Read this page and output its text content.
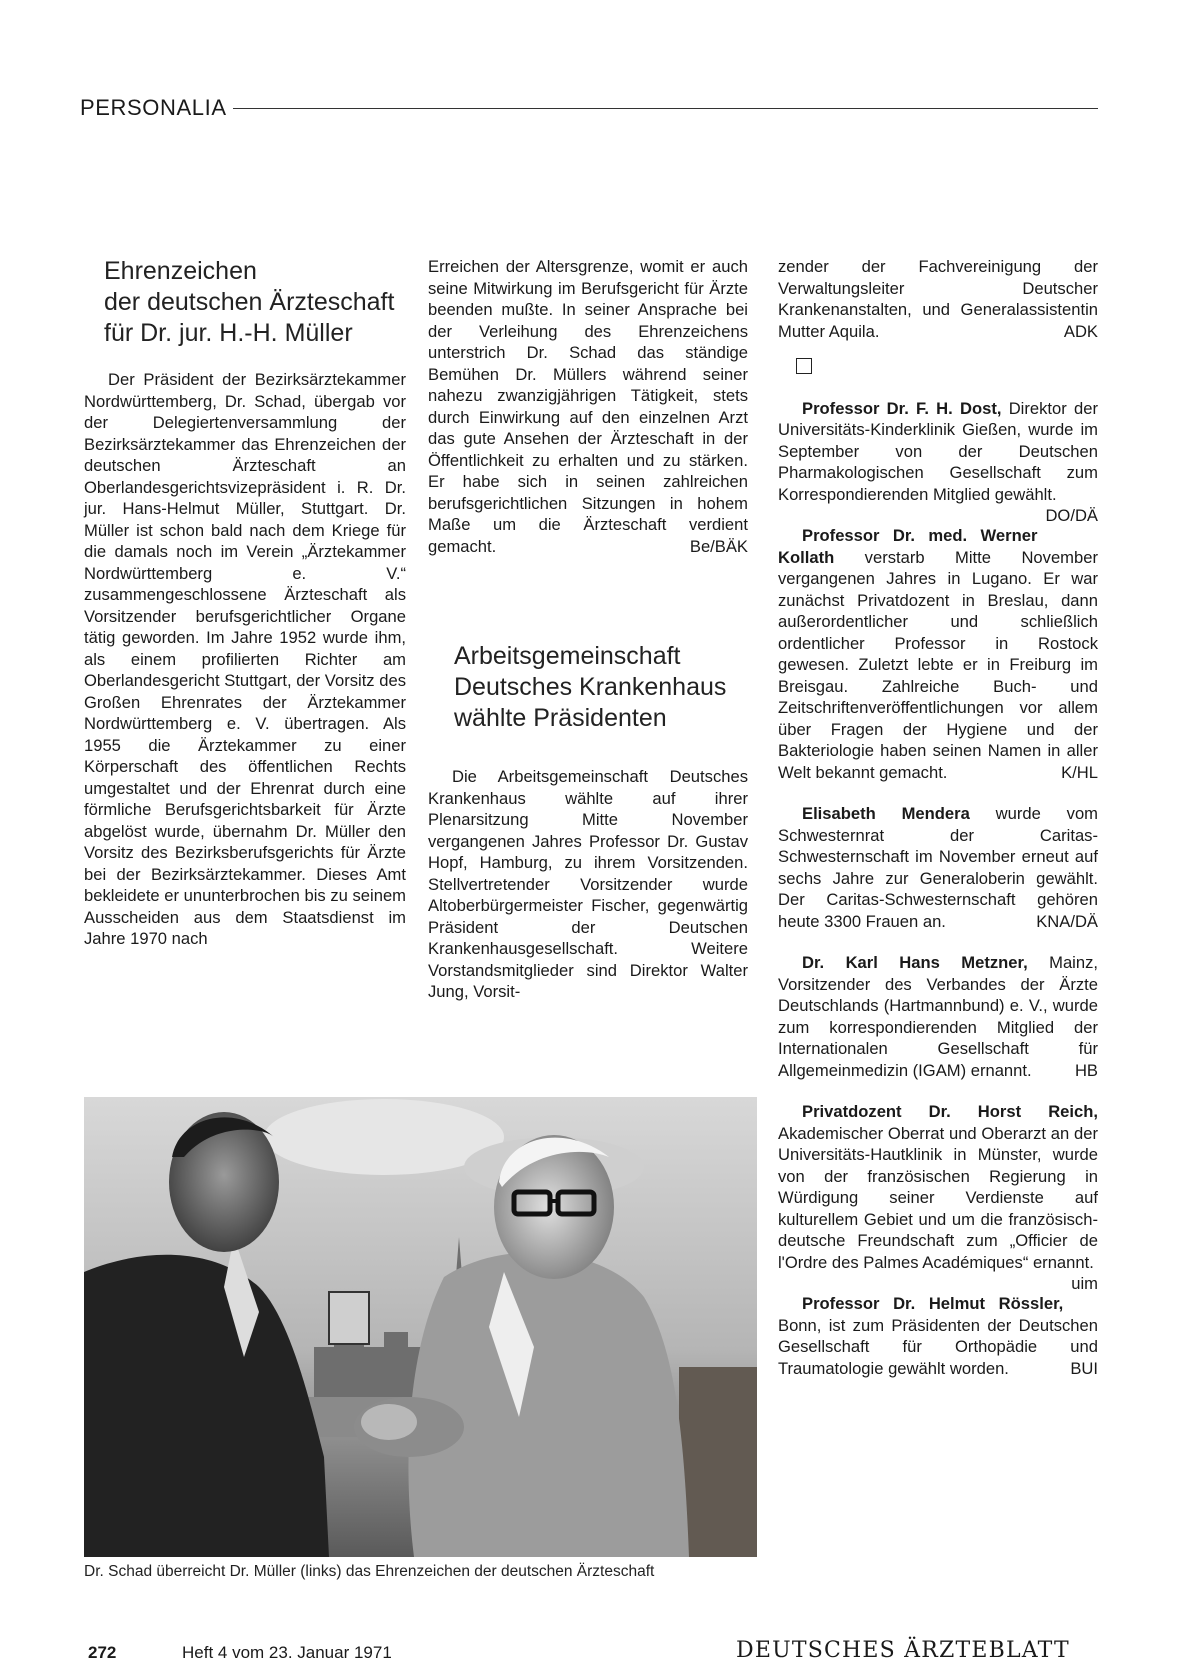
PERSONALIA
Ehrenzeichen
der deutschen Ärzteschaft
für Dr. jur. H.-H. Müller

Der Präsident der Bezirksärztekammer Nordwürttemberg, Dr. Schad, übergab vor der Delegiertenversammlung der Bezirksärztekammer das Ehrenzeichen der deutschen Ärzteschaft an Oberlandesgerichtsvizepräsident i. R. Dr. jur. Hans-Helmut Müller, Stuttgart. Dr. Müller ist schon bald nach dem Kriege für die damals noch im Verein „Ärztekammer Nordwürttemberg e. V.“ zusammengeschlossene Ärzteschaft als Vorsitzender berufsgerichtlicher Organe tätig geworden. Im Jahre 1952 wurde ihm, als einem profilierten Richter am Oberlandesgericht Stuttgart, der Vorsitz des Großen Ehrenrates der Ärztekammer Nordwürttemberg e. V. übertragen. Als 1955 die Ärztekammer zu einer Körperschaft des öffentlichen Rechts umgestaltet und der Ehrenrat durch eine förmliche Berufsgerichtsbarkeit für Ärzte abgelöst wurde, übernahm Dr. Müller den Vorsitz des Bezirksberufsgerichts für Ärzte bei der Bezirksärztekammer. Dieses Amt bekleidete er ununterbrochen bis zu seinem Ausscheiden aus dem Staatsdienst im Jahre 1970 nach

Erreichen der Altersgrenze, womit er auch seine Mitwirkung im Berufsgericht für Ärzte beenden mußte. In seiner Ansprache bei der Verleihung des Ehrenzeichens unterstrich Dr. Schad das ständige Bemühen Dr. Müllers während seiner nahezu zwanzigjährigen Tätigkeit, stets durch Einwirkung auf den einzelnen Arzt das gute Ansehen der Ärzteschaft in der Öffentlichkeit zu erhalten und zu stärken. Er habe sich in seinen zahlreichen berufsgerichtlichen Sitzungen in hohem Maße um die Ärzteschaft verdient gemacht.	Be/BÄK

Arbeitsgemeinschaft
Deutsches Krankenhaus
wählte Präsidenten

Die Arbeitsgemeinschaft Deutsches Krankenhaus wählte auf ihrer Plenarsitzung Mitte November vergangenen Jahres Professor Dr. Gustav Hopf, Hamburg, zu ihrem Vorsitzenden. Stellvertretender Vorsitzender wurde Altoberbürgermeister Fischer, gegenwärtig Präsident der Deutschen Krankenhausgesellschaft. Weitere Vorstandsmitglieder sind Direktor Walter Jung, Vorsit-

zender der Fachvereinigung der Verwaltungsleiter Deutscher Krankenanstalten, und Generalassistentin Mutter Aquila.	ADK

Professor Dr. F. H. Dost, Direktor der Universitäts-Kinderklinik Gießen, wurde im September von der Deutschen Pharmakologischen Gesellschaft zum Korrespondierenden Mitglied gewählt.
DO/DÄ

Professor Dr. med. Werner Kollath verstarb Mitte November vergangenen Jahres in Lugano. Er war zunächst Privatdozent in Breslau, dann außerordentlicher und schließlich ordentlicher Professor in Rostock gewesen. Zuletzt lebte er in Freiburg im Breisgau. Zahlreiche Buch- und Zeitschriftenveröffentlichungen vor allem über Fragen der Hygiene und der Bakteriologie haben seinen Namen in aller Welt bekannt gemacht.	K/HL

Elisabeth Mendera wurde vom Schwesternrat der Caritas-Schwesternschaft im November erneut auf sechs Jahre zur Generaloberin gewählt. Der Caritas-Schwesternschaft gehören heute 3300 Frauen an.	KNA/DÄ

Dr. Karl Hans Metzner, Mainz, Vorsitzender des Verbandes der Ärzte Deutschlands (Hartmannbund) e. V., wurde zum korrespondierenden Mitglied der Internationalen Gesellschaft für Allgemeinmedizin (IGAM) ernannt.	HB

Privatdozent Dr. Horst Reich, Akademischer Oberrat und Oberarzt an der Universitäts-Hautklinik in Münster, wurde von der französischen Regierung in Würdigung seiner Verdienste auf kulturellem Gebiet und um die französisch-deutsche Freundschaft zum „Officier de l'Ordre des Palmes Académiques“ ernannt.
uim

Professor Dr. Helmut Rössler, Bonn, ist zum Präsidenten der Deutschen Gesellschaft für Orthopädie und Traumatologie gewählt worden.	BUI

Dr. Schad überreicht Dr. Müller (links) das Ehrenzeichen der deutschen Ärzteschaft
272	Heft 4 vom 23. Januar 1971	DEUTSCHES ÄRZTEBLATT
